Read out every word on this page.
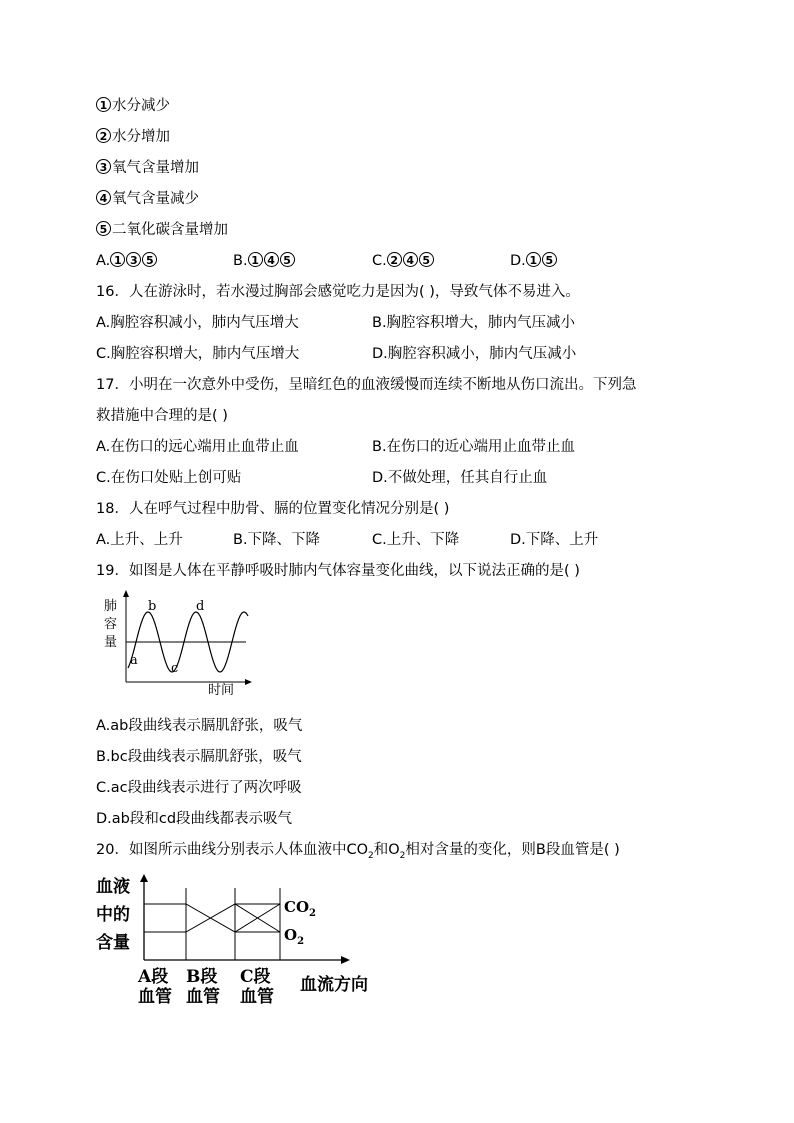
1 水分减少
2 水分增加
3 氧气含量增加
4 氧气含量减少
5 二氧化碳含量增加
A. 1 3 5	B. 1 4 5	C. 2 4 5	D. 1 5
16．人在游泳时，若水漫过胸部会感觉吃力是因为( )，导致气体不易进入。
A.胸腔容积减小，肺内气压增大	B.胸腔容积增大，肺内气压减小
C.胸腔容积增大，肺内气压增大	D.胸腔容积减小，肺内气压减小
17．小明在一次意外中受伤，呈暗红色的血液缓慢而连续不断地从伤口流出。下列急
救措施中合理的是( )
A.在伤口的远心端用止血带止血	B.在伤口的近心端用止血带止血
C.在伤口处贴上创可贴	D.不做处理，任其自行止血
18．人在呼气过程中肋骨、膈的位置变化情况分别是( )
A.上升、上升	B.下降、下降	C.上升、下降	D.下降、上升
19．如图是人体在平静呼吸时肺内气体容量变化曲线，以下说法正确的是( )
肺
容
量
a
b
c
d
时间
A.ab段曲线表示膈肌舒张，吸气
B.bc段曲线表示膈肌舒张，吸气
C.ac段曲线表示进行了两次呼吸
D.ab段和cd段曲线都表示吸气
20．如图所示曲线分别表示人体血液中$CO_2$和$O_2$相对含量的变化，则B段血管是( )
血液
中的
含量
$CO_2$
$O_2$
A段
血管
B段
血管
C段
血管
血流方向
